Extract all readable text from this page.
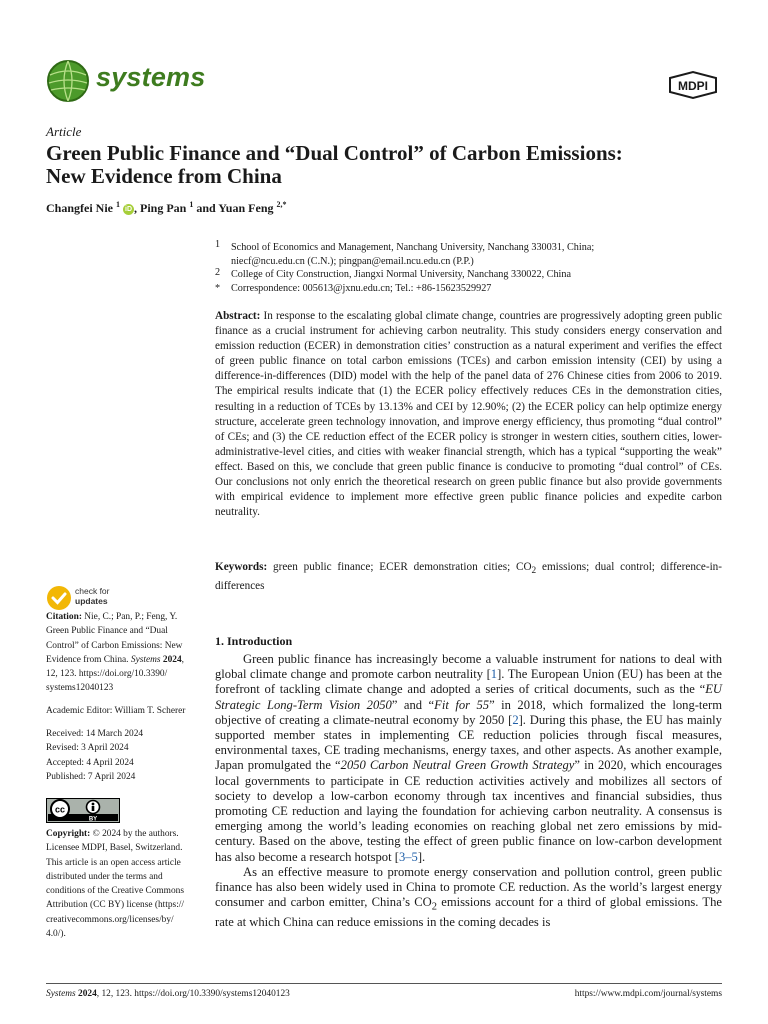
systems	MDPI
Article
Green Public Finance and “Dual Control” of Carbon Emissions:
New Evidence from China
Changfei Nie $^1$ iD , Ping Pan $^1$ and Yuan Feng $^{2,*}$
1 School of Economics and Management, Nanchang University, Nanchang 330031, China;
niecf@ncu.edu.cn (C.N.); pingpan@email.ncu.edu.cn (P.P.)
2 College of City Construction, Jiangxi Normal University, Nanchang 330022, China
* Correspondence: 005613@jxnu.edu.cn; Tel.: +86-15623529927
Abstract: In response to the escalating global climate change, countries are progressively adopting green public finance as a crucial instrument for achieving carbon neutrality. This study considers energy conservation and emission reduction (ECER) in demonstration cities’ construction as a natural experiment and verifies the effect of green public finance on total carbon emissions (TCEs) and carbon emission intensity (CEI) by using a difference-in-differences (DID) model with the help of the panel data of 276 Chinese cities from 2006 to 2019. The empirical results indicate that (1) the ECER policy effectively reduces CEs in the demonstration cities, resulting in a reduction of TCEs by 13.13% and CEI by 12.90%; (2) the ECER policy can help optimize energy structure, accelerate green technology innovation, and improve energy efficiency, thus promoting “dual control” of CEs; and (3) the CE reduction effect of the ECER policy is stronger in western cities, southern cities, lower-administrative-level cities, and cities with weaker financial strength, which has a typical “supporting the weak” effect. Based on this, we conclude that green public finance is conducive to promoting “dual control” of CEs. Our conclusions not only enrich the theoretical research on green public finance but also provide governments with empirical evidence to implement more effective green public finance policies and expedite carbon neutrality.
Keywords: green public finance; ECER demonstration cities; $CO_2$ emissions; dual control; difference-in-differences
check for
updates
Citation: Nie, C.; Pan, P.; Feng, Y.
Green Public Finance and “Dual
Control” of Carbon Emissions: New
Evidence from China. Systems 2024,
12, 123. https://doi.org/10.3390/
systems12040123
Academic Editor: William T. Scherer
Received: 14 March 2024
Revised: 3 April 2024
Accepted: 4 April 2024
Published: 7 April 2024
cc
BY
Copyright: © 2024 by the authors.
Licensee MDPI, Basel, Switzerland.
This article is an open access article
distributed under the terms and
conditions of the Creative Commons
Attribution (CC BY) license (https://
creativecommons.org/licenses/by/
4.0/).
1. Introduction

Green public finance has increasingly become a valuable instrument for nations to deal with global climate change and promote carbon neutrality [1]. The European Union (EU) has been at the forefront of tackling climate change and adopted a series of critical documents, such as the “EU Strategic Long-Term Vision 2050” and “Fit for 55” in 2018, which formalized the long-term objective of creating a climate-neutral economy by 2050 [2]. During this phase, the EU has mainly supported member states in implementing CE reduction policies through fiscal measures, environmental taxes, CE trading mechanisms, energy taxes, and other aspects. As another example, Japan promulgated the “2050 Carbon Neutral Green Growth Strategy” in 2020, which encourages local governments to participate in CE reduction activities actively and mobilizes all sectors of society to develop a low-carbon economy through tax incentives and financial subsidies, thus promoting CE reduction and laying the foundation for achieving carbon neutrality. A consensus is emerging among the world’s leading economies on reaching global net zero emissions by mid-century. Based on the above, testing the effect of green public finance on low-carbon development has also become a research hotspot [3–5].

As an effective measure to promote energy conservation and pollution control, green public finance has also been widely used in China to promote CE reduction. As the world’s largest energy consumer and carbon emitter, China’s $CO_2$ emissions account for a third of global emissions. The rate at which China can reduce emissions in the coming decades is

Systems 2024, 12, 123. https://doi.org/10.3390/systems12040123	https://www.mdpi.com/journal/systems
